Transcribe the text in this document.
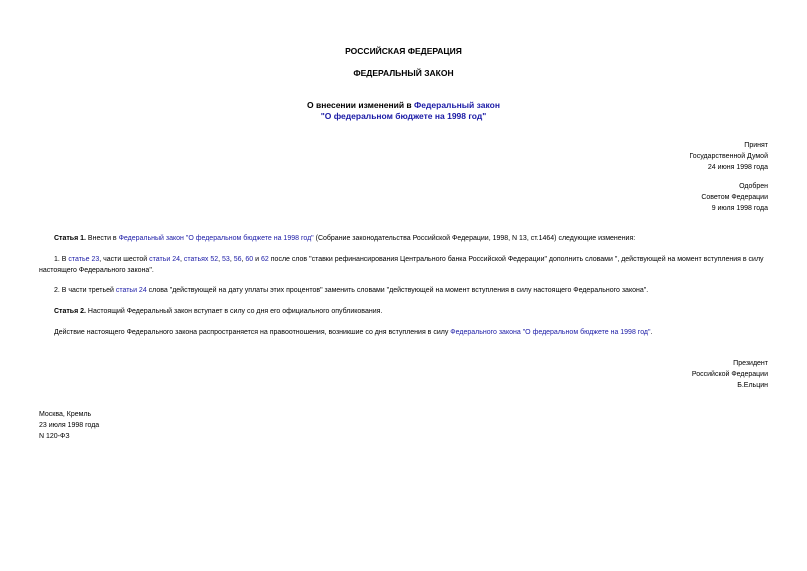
РОССИЙСКАЯ ФЕДЕРАЦИЯ
ФЕДЕРАЛЬНЫЙ ЗАКОН
О внесении изменений в Федеральный закон
"О федеральном бюджете на 1998 год"
Принят
Государственной Думой
24 июня 1998 года
Одобрен
Советом Федерации
9 июля 1998 года
Статья 1. Внести в Федеральный закон "О федеральном бюджете на 1998 год" (Собрание законодательства Российской Федерации, 1998, N 13, ст.1464) следующие изменения:
1. В статье 23, части шестой статьи 24, статьях 52, 53, 56, 60 и 62 после слов "ставки рефинансирования Центрального банка Российской Федерации" дополнить словами ", действующей на момент вступления в силу настоящего Федерального закона".
2. В части третьей статьи 24 слова "действующей на дату уплаты этих процентов" заменить словами "действующей на момент вступления в силу настоящего Федерального закона".
Статья 2. Настоящий Федеральный закон вступает в силу со дня его официального опубликования.
Действие настоящего Федерального закона распространяется на правоотношения, возникшие со дня вступления в силу Федерального закона "О федеральном бюджете на 1998 год".
Президент
Российской Федерации
Б.Ельцин
Москва, Кремль
23 июля 1998 года
N 120-ФЗ
